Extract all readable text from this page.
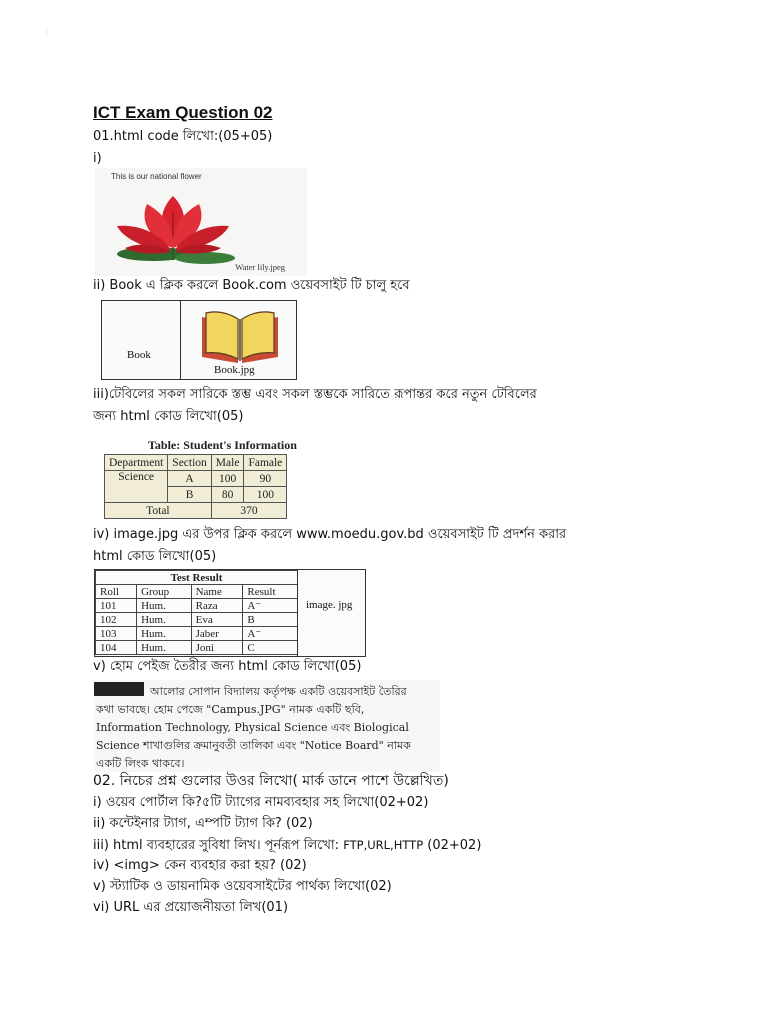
ː
ICT Exam Question 02
01.html code লিখো:(05+05)
i)
This is our national flower
Water lily.jpeg
ii) Book এ ক্লিক করলে Book.com ওয়েবসাইট টি চালু হবে
Book
Book.jpg
iii)টেবিলের সকল সারিকে স্তম্ভ এবং সকল স্তম্ভকে সারিতে রূপান্তর করে নতুন টেবিলের
জন্য html কোড লিখো(05)
Table: Student's Information
Department	Section	Male	Famale
Science	A	100	90
	B	80	100
Total		370	
iv) image.jpg এর উপর ক্লিক করলে www.moedu.gov.bd ওয়েবসাইট টি প্রদর্শন করার
html কোড লিখো(05)
Test Result			
Roll	Group	Name	Result
101	Hum.	Raza	A⁻
102	Hum.	Eva	B
103	Hum.	Jaber	A⁻
104	Hum.	Joni	C
image. jpg
v) হোম পেইজ তৈরীর জন্য html কোড লিখো(05)
আলোর সোপান বিদ্যালয় কর্তৃপক্ষ একটি ওয়েবসাইট তৈরির
কথা ভাবছে। হোম পেজে "Campus.JPG" নামক একটি ছবি,
Information Technology, Physical Science এবং Biological
Science শাখাগুলির ক্রমানুবতী তালিকা এবং "Notice Board" নামক
একটি লিংক থাকবে।
02. নিচের প্রশ্ন গুলোর উওর লিখো( মার্ক ডানে পাশে উল্লেখিত)
i) ওয়েব পোর্টাল কি?৫টি ট্যাগের নামব্যবহার সহ লিখো(02+02)
ii) কন্টেইনার ট্যাগ, এম্পটি ট্যাগ কি? (02)
iii) html ব্যবহারের সুবিধা লিখ। পূর্নরূপ লিখো: FTP,URL,HTTP (02+02)
iv) <img> কেন ব্যবহার করা হয়? (02)
v) স্ট্যাটিক ও ডায়নামিক ওয়েবসাইটের পার্থক্য লিখো(02)
vi) URL এর প্রয়োজনীয়তা লিখ(01)
